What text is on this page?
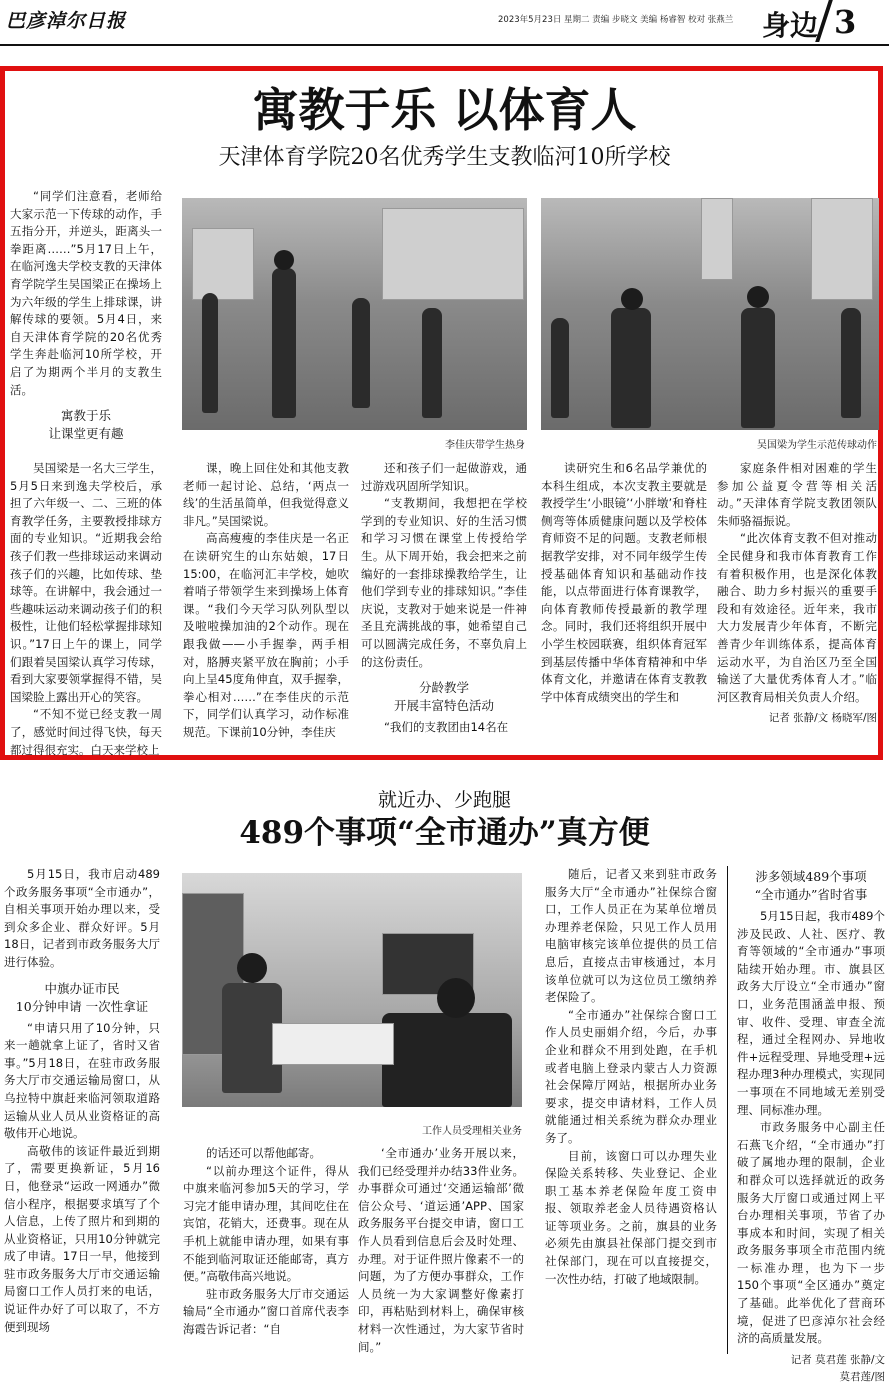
巴彦淖尔日报	2023年5月23日 星期二 责编 步晓文 美编 杨睿智 校对 张燕兰 身边 3
寓教于乐 以体育人
天津体育学院20名优秀学生支教临河10所学校

“同学们注意看，老师给大家示范一下传球的动作，手五指分开，并逆头，距离头一拳距离……”5月17日上午，在临河逸夫学校支教的天津体育学院学生吴国梁正在操场上为六年级的学生上排球课，讲解传球的要领。5月4日，来自天津体育学院的20名优秀学生奔赴临河10所学校，开启了为期两个半月的支教生活。

寓教于乐
让课堂更有趣
李佳庆带学生热身	吴国梁为学生示范传球动作

吴国梁是一名大三学生，5月5日来到逸夫学校后，承担了六年级一、二、三班的体育教学任务，主要教授排球方面的专业知识。“近期我会给孩子们教一些排球运动来调动孩子们的兴趣，比如传球、垫球等。在讲解中，我会通过一些趣味运动来调动孩子们的积极性，让他们轻松掌握排球知识。”17日上午的课上，同学们跟着吴国梁认真学习传球，看到大家要领掌握得不错，吴国梁脸上露出开心的笑容。

“不知不觉已经支教一周了，感觉时间过得飞快，每天都过得很充实。白天来学校上

课，晚上回住处和其他支教老师一起讨论、总结，‘两点一线’的生活虽简单，但我觉得意义非凡。”吴国梁说。

高高瘦瘦的李佳庆是一名正在读研究生的山东姑娘，17日15:00，在临河汇丰学校，她吹着哨子带领学生来到操场上体育课。“我们今天学习队列队型以及啦啦操加油的2个动作。现在跟我做——小手握拳，两手相对，胳膊夹紧平放在胸前；小手向上呈45度角伸直，双手握拳，拳心相对……”在李佳庆的示范下，同学们认真学习，动作标准规范。下课前10分钟，李佳庆

还和孩子们一起做游戏，通过游戏巩固所学知识。

“支教期间，我想把在学校学到的专业知识、好的生活习惯和学习习惯在课堂上传授给学生。从下周开始，我会把来之前编好的一套排球操教给学生，让他们学到专业的排球知识。”李佳庆说，支教对于她来说是一件神圣且充满挑战的事，她希望自己可以圆满完成任务，不辜负肩上的这份责任。

分龄教学
开展丰富特色活动

“我们的支教团由14名在

读研究生和6名品学兼优的本科生组成，本次支教主要就是教授学生‘小眼镜’‘小胖墩’和脊柱侧弯等体质健康问题以及学校体育师资不足的问题。支教老师根据教学安排，对不同年级学生传授基础体育知识和基础动作技能，以点带面进行体育课教学，向体育教师传授最新的教学理念。同时，我们还将组织开展中小学生校园联赛，组织体育冠军到基层传播中华体育精神和中华体育文化，并邀请在体育支教教学中体育成绩突出的学生和

家庭条件相对困难的学生参加公益夏令营等相关活动。”天津体育学院支教团领队朱师骆福振说。

“此次体育支教不但对推动全民健身和我市体育教育工作有着积极作用，也是深化体教融合、助力乡村振兴的重要手段和有效途径。近年来，我市大力发展青少年体育，不断完善青少年训练体系，提高体育运动水平，为自治区乃至全国输送了大量优秀体育人才。”临河区教育局相关负责人介绍。

记者 张静/文 杨晓军/图
就近办、少跑腿
489个事项“全市通办”真方便
工作人员受理相关业务

5月15日，我市启动489个政务服务事项“全市通办”，自相关事项开始办理以来，受到众多企业、群众好评。5月18日，记者到市政务服务大厅进行体验。

中旗办证市民
10分钟申请 一次性拿证

“申请只用了10分钟，只来一趟就拿上证了，省时又省事。”5月18日，在驻市政务服务大厅市交通运输局窗口，从乌拉特中旗赶来临河领取道路运输从业人员从业资格证的高敬伟开心地说。

高敬伟的该证件最近到期了，需要更换新证，5月16日，他登录“运政一网通办”微信小程序，根据要求填写了个人信息，上传了照片和到期的从业资格证，只用10分钟就完成了申请。17日一早，他接到驻市政务服务大厅市交通运输局窗口工作人员打来的电话，说证件办好了可以取了，不方便到现场

的话还可以帮他邮寄。

“以前办理这个证件，得从中旗来临河参加5天的学习，学习完才能申请办理，其间吃住在宾馆，花销大，还费事。现在从手机上就能申请办理，如果有事不能到临河取证还能邮寄，真方便。”高敬伟高兴地说。

驻市政务服务大厅市交通运输局“全市通办”窗口首席代表李海霞告诉记者：“自

‘全市通办’业务开展以来，我们已经受理并办结33件业务。办事群众可通过‘交通运输部’微信公众号、‘道运通’APP、国家政务服务平台提交申请，窗口工作人员看到信息后会及时处理、办理。对于证件照片像素不一的问题，为了方便办事群众，工作人员统一为大家调整好像素打印，再粘贴到材料上，确保审核材料一次性通过，为大家节省时间。”

随后，记者又来到驻市政务服务大厅“全市通办”社保综合窗口，工作人员正在为某单位增员办理养老保险，只见工作人员用电脑审核完该单位提供的员工信息后，直接点击审核通过，本月该单位就可以为这位员工缴纳养老保险了。

“全市通办”社保综合窗口工作人员史丽娟介绍，今后，办事企业和群众不用到处跑，在手机或者电脑上登录内蒙古人力资源社会保障厅网站，根据所办业务要求，提交申请材料，工作人员就能通过相关系统为群众办理业务了。

目前，该窗口可以办理失业保险关系转移、失业登记、企业职工基本养老保险年度工资申报、领取养老金人员待遇资格认证等项业务。之前，旗县的业务必须先由旗县社保部门提交到市社保部门，现在可以直接提交，一次性办结，打破了地域限制。

涉多领域489个事项
“全市通办”省时省事

5月15日起，我市489个涉及民政、人社、医疗、教育等领域的“全市通办”事项陆续开始办理。市、旗县区政务大厅设立“全市通办”窗口，业务范围涵盖申报、预审、收件、受理、审查全流程，通过全程网办、异地收件+远程受理、异地受理+远程办理3种办理模式，实现同一事项在不同地域无差别受理、同标准办理。

市政务服务中心副主任石燕飞介绍，“全市通办”打破了属地办理的限制，企业和群众可以选择就近的政务服务大厅窗口或通过网上平台办理相关事项，节省了办事成本和时间，实现了相关政务服务事项全市范围内统一标准办理，也为下一步150个事项“全区通办”奠定了基础。此举优化了营商环境，促进了巴彦淖尔社会经济的高质量发展。

记者 莫君莲 张静/文
莫君莲/图
